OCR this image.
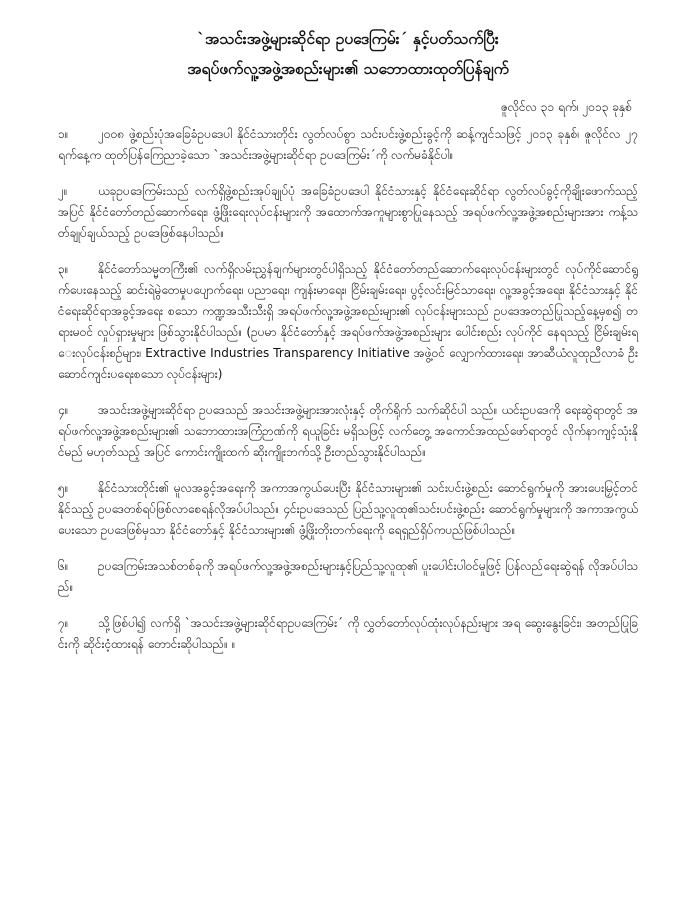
`အသင်းအဖွဲ့များဆိုင်ရာ ဥပဒေကြမ်း´ နှင့်ပတ်သက်ပြီး
အရပ်ဖက်လူ့အဖွဲ့အစည်းများ၏ သဘောထားထုတ်ပြန်ချက်
ဇူလိုင်လ ၃၁ ရက်၊ ၂၀၁၃ ခုနှစ်
၁။ ၂၀၀၈ ဖွဲ့စည်းပုံအခြေခံဥပဒေပါ နိုင်ငံသားတိုင်း လွတ်လပ်စွာ သင်းပင်းဖွဲ့စည်းခွင့်ကို ဆန့်ကျင်သဖြင့် ၂၀၁၃ ခုနှစ်၊ ဇူလိုင်လ ၂၇ ရက်နေ့က ထုတ်ပြန်ကြေညာခဲ့သော `အသင်းအဖွဲ့များဆိုင်ရာ ဥပဒေကြမ်း´ကို လက်မခံနိုင်ပါ။
၂။	ယခုဥပဒေကြမ်းသည် လက်ရှိဖွဲ့စည်းအုပ်ချုပ်ပုံ အခြေခံဥပဒေပါ နိုင်ငံသားနှင့် နိုင်ငံရေးဆိုင်ရာ လွတ်လပ်ခွင့်ကိုချိုးဖောက်သည့်အပြင် နိုင်ငံတော်တည်ဆောက်ရေး၊ ဖွံ့ဖြိုးရေးလုပ်ငန်းများကို အထောက်အကူများစွာပြုနေသည့် အရပ်ဖက်လူ့အဖွဲ့အစည်းများအား ကန့်သတ်ချုပ်ချယ်သည့် ဥပဒေဖြစ်နေပါသည်။
၃။ နိုင်ငံတော်သမ္မတကြီး၏ လက်ရှိလမ်းညွှန်ချက်များတွင်ပါရှိသည့် နိုင်ငံတော်တည်ဆောက်ရေးလုပ်ငန်းများတွင် လုပ်ကိုင်ဆောင်ရွက်ပေးနေသည့် ဆင်းရဲမွဲတေမှုပပျောက်ရေး၊ ပညာရေး၊ ကျန်းမာရေး၊ ငြိမ်းချမ်းရေး၊ ပွင့်လင်းမြင်သာရေး၊ လူ့အခွင့်အရေး၊ နိုင်ငံသားနှင့် နိုင်ငံရေးဆိုင်ရာအခွင့်အရေး စသော ကဏ္ဍအသီးသီးရှိ အရပ်ဖက်လူ့အဖွဲ့အစည်းများ၏ လုပ်ငန်းများသည် ဥပဒေအတည်ပြုသည့်နေ့မှစ၍ တရားမဝင် လှုပ်ရှားမှုများ ဖြစ်သွားနိုင်ပါသည်။ (ဥပမာ နိုင်ငံတော်နှင့် အရပ်ဖက်အဖွဲ့အစည်းများ ပေါင်းစည်း လုပ်ကိုင် နေရသည့် ငြိမ်းချမ်းရေးလုပ်ငန်းစဉ်များ၊ Extractive Industries Transparency Initiative အဖွဲ့ဝင် လျှောက်ထားရေး၊ အာဆီယံလူထုညီလာခံ ဦးဆောင်ကျင်းပရေးစသော လုပ်ငန်းများ)
၄။ အသင်းအဖွဲ့များဆိုင်ရာ ဥပဒေသည် အသင်းအဖွဲ့များအားလုံးနှင့် တိုက်ရိုက် သက်ဆိုင်ပါ သည်။ ယင်းဥပဒေကို ရေးဆွဲရာတွင် အရပ်ဖက်လူ့အဖွဲ့အစည်းများ၏ သဘောထားအကြံဉာဏ်ကို ရယူခြင်း မရှိသဖြင့် လက်တွေ့ အကောင်အထည်ဖော်ရာတွင် လိုက်နာကျင့်သုံးနိုင်မည် မဟုတ်သည့် အပြင် ကောင်းကျိုးထက် ဆိုးကျိုးဘက်သို့ ဦးတည်သွားနိုင်ပါသည်။
၅။ နိုင်ငံသားတိုင်း၏ မူလအခွင့်အရေးကို အကာအကွယ်ပေးပြီး နိုင်ငံသားများ၏ သင်းပင်းဖွဲ့စည်း ဆောင်ရွက်မှုကို အားပေးမြှင့်တင်နိုင်သည့် ဥပဒေတစ်ရပ်ဖြစ်လာစေရန်လိုအပ်ပါသည်။ ၄င်းဥပဒေသည် ပြည်သူ့လူထု၏သင်းပင်းဖွဲ့စည်း ဆောင်ရွက်မှုများကို အကာအကွယ်ပေးသော ဥပဒေဖြစ်မှသာ နိုင်ငံတော်နှင့် နိုင်ငံသားများ၏ ဖွံ့ဖြိုးတိုးတက်ရေးကို ရေရှည်ရှိပ်ကပည်ဖြစ်ပါသည်။
၆။ ဥပဒေကြမ်းအသစ်တစ်ခုကို အရပ်ဖက်လူ့အဖွဲ့အစည်းများနှင့်ပြည်သူ့လူထု၏ ပူးပေါင်းပါဝင်မှုဖြင့် ပြန်လည်ရေးဆွဲရန် လိုအပ်ပါသည်။
၇။ သို့ဖြစ်ပါ၍ လက်ရှိ `အသင်းအဖွဲ့များဆိုင်ရာဥပဒေကြမ်း´ ကို လွှတ်တော်လုပ်ထုံးလုပ်နည်းများ အရ ဆွေးနွေးခြင်း၊ အတည်ပြုခြင်းကို ဆိုင်းငံ့ထားရန် တောင်းဆိုပါသည်။ ။
